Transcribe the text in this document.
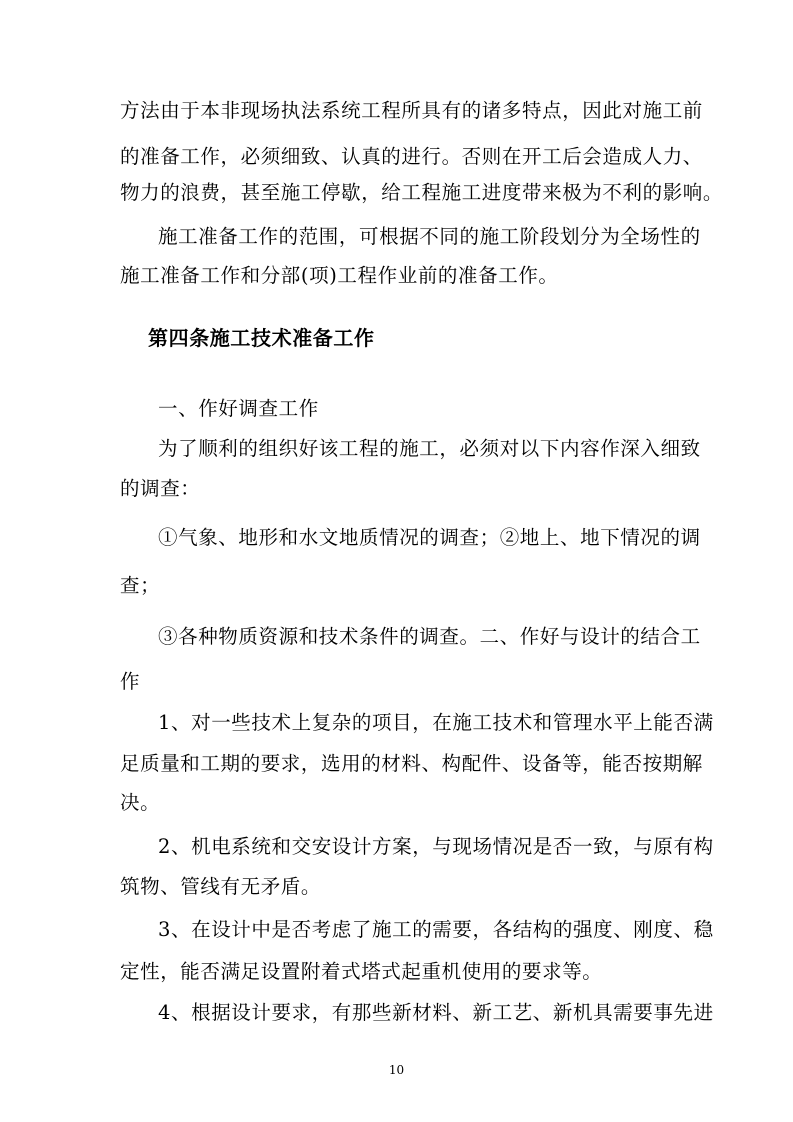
方法由于本非现场执法系统工程所具有的诸多特点，因此对施工前
的准备工作，必须细致、认真的进行。否则在开工后会造成人力、
物力的浪费，甚至施工停歇，给工程施工进度带来极为不利的影响。
施工准备工作的范围，可根据不同的施工阶段划分为全场性的
施工准备工作和分部(项)工程作业前的准备工作。
第四条施工技术准备工作
一、作好调查工作
为了顺利的组织好该工程的施工，必须对以下内容作深入细致
的调查：
①气象、地形和水文地质情况的调查；②地上、地下情况的调
查；
③各种物质资源和技术条件的调查。二、作好与设计的结合工
作
1、对一些技术上复杂的项目，在施工技术和管理水平上能否满
足质量和工期的要求，选用的材料、构配件、设备等，能否按期解
决。
2、机电系统和交安设计方案，与现场情况是否一致，与原有构
筑物、管线有无矛盾。
3、在设计中是否考虑了施工的需要，各结构的强度、刚度、稳
定性，能否满足设置附着式塔式起重机使用的要求等。
4、根据设计要求，有那些新材料、新工艺、新机具需要事先进
10
